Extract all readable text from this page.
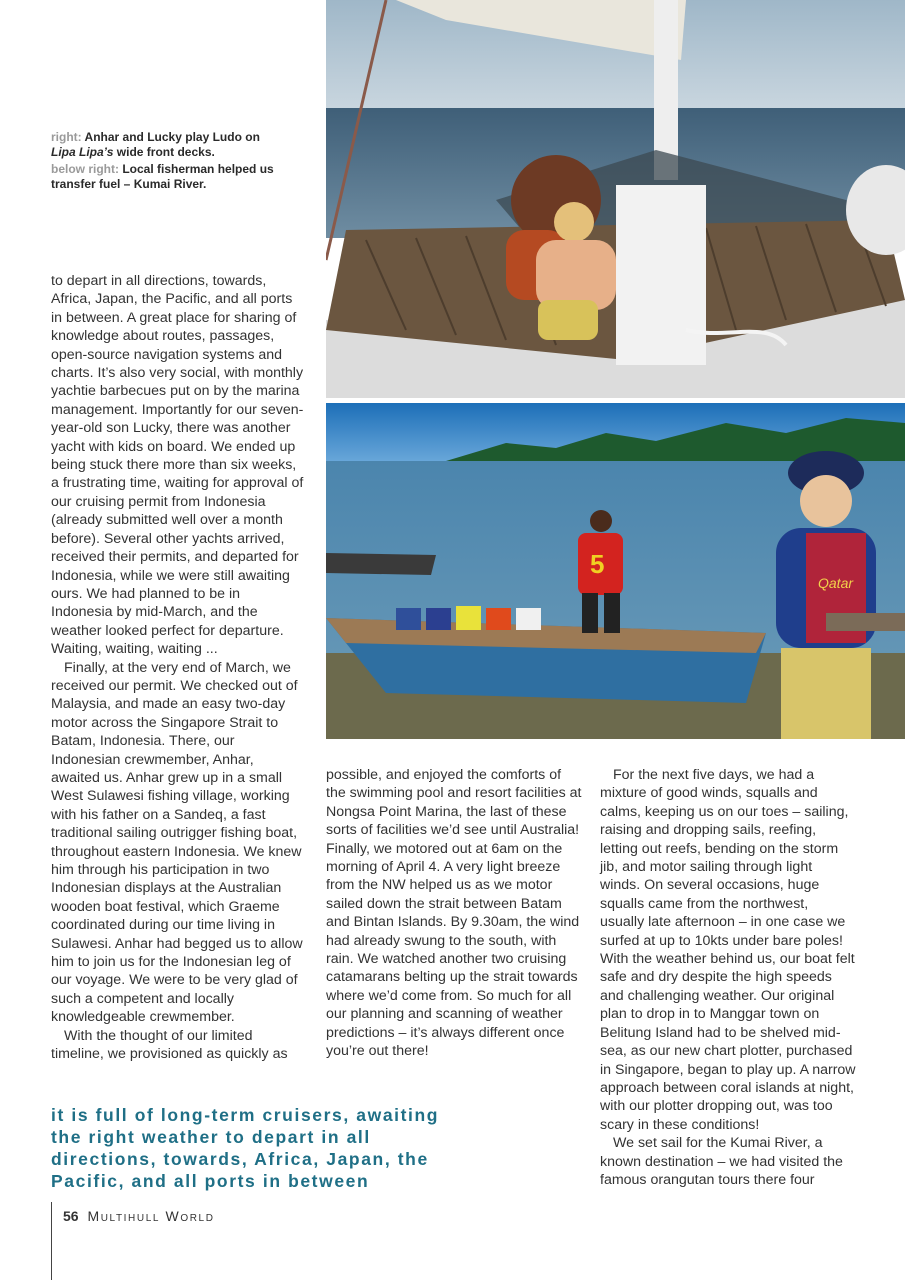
right: Anhar and Lucky play Ludo on Lipa Lipa’s wide front decks.

below right: Local fisherman helped us transfer fuel – Kumai River.

to depart in all directions, towards, Africa, Japan, the Pacific, and all ports in between. A great place for sharing of knowledge about routes, passages, open-source navigation systems and charts. It’s also very social, with monthly yachtie barbecues put on by the marina management. Importantly for our seven-year-old son Lucky, there was another yacht with kids on board. We ended up being stuck there more than six weeks, a frustrating time, waiting for approval of our cruising permit from Indonesia (already submitted well over a month before). Several other yachts arrived, received their permits, and departed for Indonesia, while we were still awaiting ours. We had planned to be in Indonesia by mid-March, and the weather looked perfect for departure. Waiting, waiting, waiting ...

Finally, at the very end of March, we received our permit. We checked out of Malaysia, and made an easy two-day motor across the Singapore Strait to Batam, Indonesia. There, our Indonesian crewmember, Anhar, awaited us. Anhar grew up in a small West Sulawesi fishing village, working with his father on a Sandeq, a fast traditional sailing outrigger fishing boat, throughout eastern Indonesia. We knew him through his participation in two Indonesian displays at the Australian wooden boat festival, which Graeme coordinated during our time living in Sulawesi. Anhar had begged us to allow him to join us for the Indonesian leg of our voyage. We were to be very glad of such a competent and locally knowledgeable crewmember.

With the thought of our limited timeline, we provisioned as quickly as

possible, and enjoyed the comforts of the swimming pool and resort facilities at Nongsa Point Marina, the last of these sorts of facilities we’d see until Australia! Finally, we motored out at 6am on the morning of April 4. A very light breeze from the NW helped us as we motor sailed down the strait between Batam and Bintan Islands. By 9.30am, the wind had already swung to the south, with rain. We watched another two cruising catamarans belting up the strait towards where we’d come from. So much for all our planning and scanning of weather predictions – it’s always different once you’re out there!

For the next five days, we had a mixture of good winds, squalls and calms, keeping us on our toes – sailing, raising and dropping sails, reefing, letting out reefs, bending on the storm jib, and motor sailing through light winds. On several occasions, huge squalls came from the northwest, usually late afternoon – in one case we surfed at up to 10kts under bare poles! With the weather behind us, our boat felt safe and dry despite the high speeds and challenging weather. Our original plan to drop in to Manggar town on Belitung Island had to be shelved mid-sea, as our new chart plotter, purchased in Singapore, began to play up. A narrow approach between coral islands at night, with our plotter dropping out, was too scary in these conditions!

We set sail for the Kumai River, a known destination – we had visited the famous orangutan tours there four

5
Qatar
it is full of long-term cruisers, awaiting the right weather to depart in all directions, towards, Africa, Japan, the Pacific, and all ports in between
56 Multihull World
